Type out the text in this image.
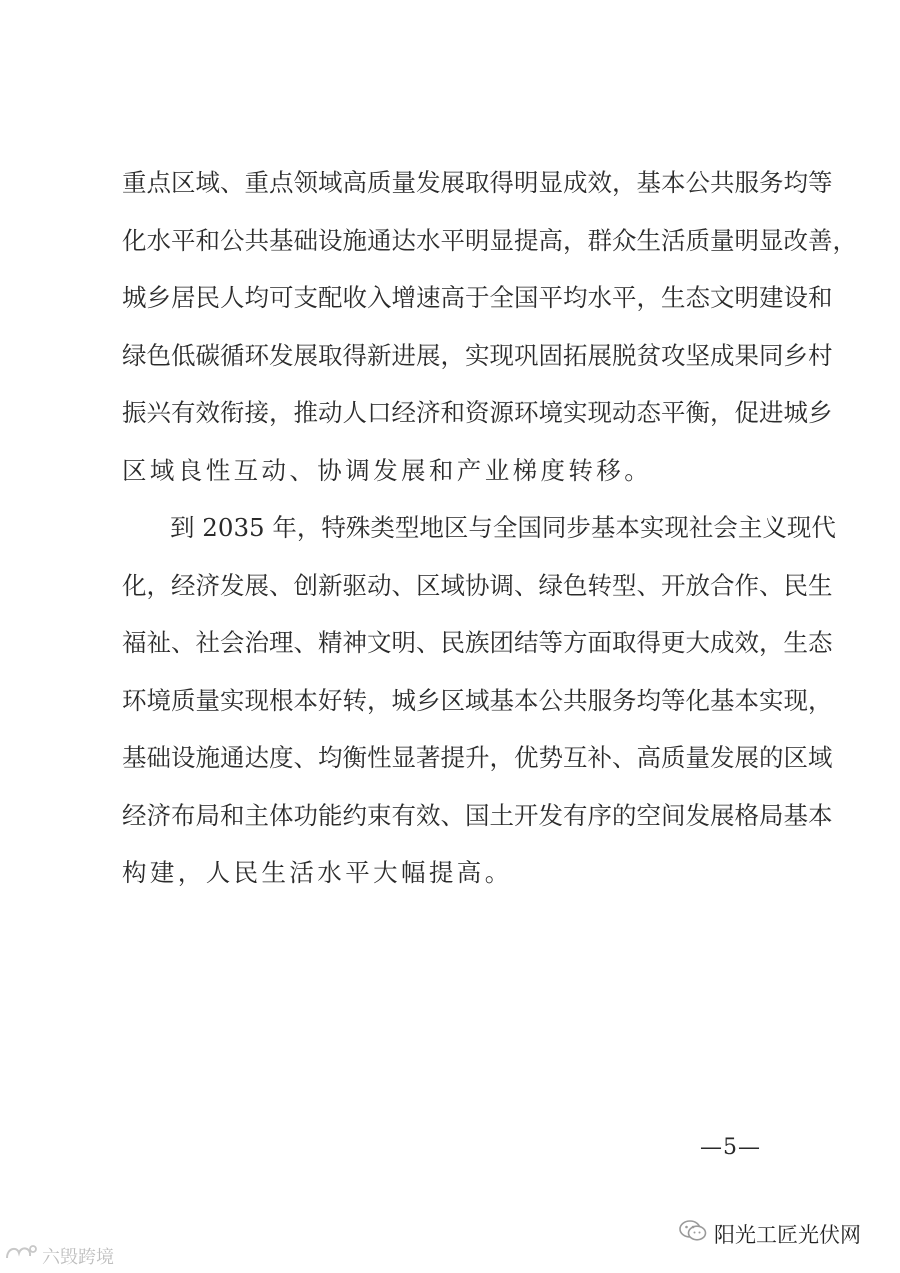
重点区域、重点领域高质量发展取得明显成效，基本公共服务均等
化水平和公共基础设施通达水平明显提高，群众生活质量明显改善，
城乡居民人均可支配收入增速高于全国平均水平，生态文明建设和
绿色低碳循环发展取得新进展，实现巩固拓展脱贫攻坚成果同乡村
振兴有效衔接，推动人口经济和资源环境实现动态平衡，促进城乡
区域良性互动、协调发展和产业梯度转移。
到 2035 年，特殊类型地区与全国同步基本实现社会主义现代
化，经济发展、创新驱动、区域协调、绿色转型、开放合作、民生
福祉、社会治理、精神文明、民族团结等方面取得更大成效，生态
环境质量实现根本好转，城乡区域基本公共服务均等化基本实现，
基础设施通达度、均衡性显著提升，优势互补、高质量发展的区域
经济布局和主体功能约束有效、国土开发有序的空间发展格局基本
构建，人民生活水平大幅提高。
—5—
阳光工匠光伏网
六毁跨境
